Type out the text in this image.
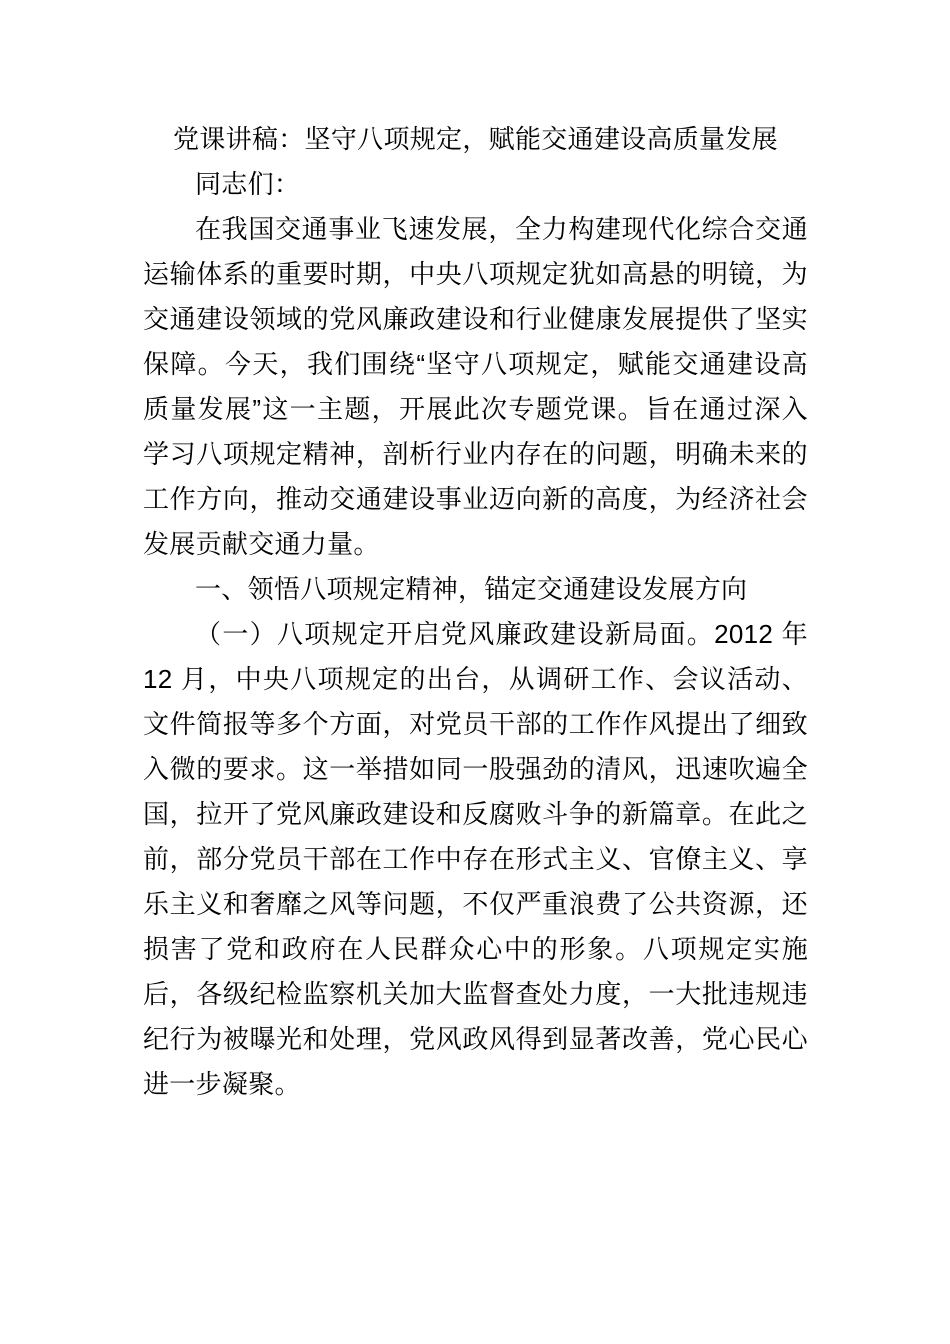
党课讲稿：坚守八项规定，赋能交通建设高质量发展

同志们：

在我国交通事业飞速发展，全力构建现代化综合交通运输体系的重要时期，中央八项规定犹如高悬的明镜，为交通建设领域的党风廉政建设和行业健康发展提供了坚实保障。今天，我们围绕“坚守八项规定，赋能交通建设高质量发展”这一主题，开展此次专题党课。旨在通过深入学习八项规定精神，剖析行业内存在的问题，明确未来的工作方向，推动交通建设事业迈向新的高度，为经济社会发展贡献交通力量。

一、领悟八项规定精神，锚定交通建设发展方向

（一）八项规定开启党风廉政建设新局面。2012 年 12 月，中央八项规定的出台，从调研工作、会议活动、文件简报等多个方面，对党员干部的工作作风提出了细致入微的要求。这一举措如同一股强劲的清风，迅速吹遍全国，拉开了党风廉政建设和反腐败斗争的新篇章。在此之前，部分党员干部在工作中存在形式主义、官僚主义、享乐主义和奢靡之风等问题，不仅严重浪费了公共资源，还损害了党和政府在人民群众心中的形象。八项规定实施后，各级纪检监察机关加大监督查处力度，一大批违规违纪行为被曝光和处理，党风政风得到显著改善，党心民心进一步凝聚。
